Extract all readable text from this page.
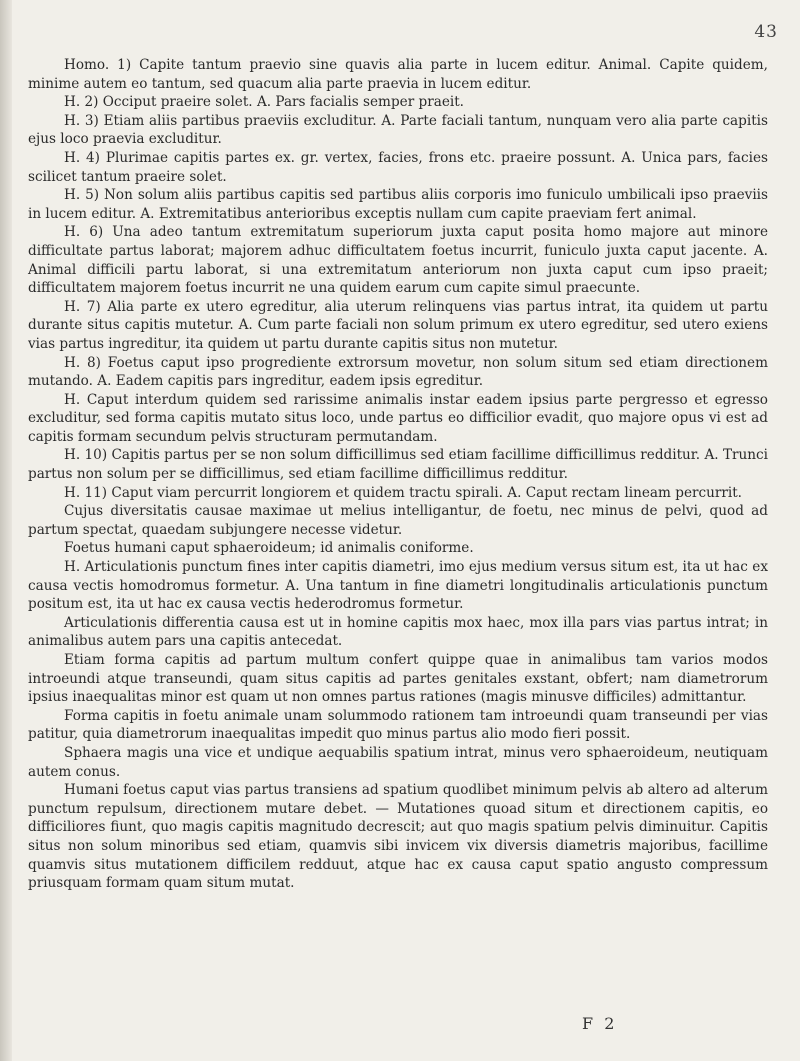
43

Homo. 1) Capite tantum praevio sine quavis alia parte in lucem editur. Animal. Capite quidem, minime autem eo tantum, sed quacum alia parte praevia in lucem editur.

H. 2) Occiput praeire solet. A. Pars facialis semper praeit.

H. 3) Etiam aliis partibus praeviis excluditur. A. Parte faciali tantum, nunquam vero alia parte capitis ejus loco praevia excluditur.

H. 4) Plurimae capitis partes ex. gr. vertex, facies, frons etc. praeire possunt. A. Unica pars, facies scilicet tantum praeire solet.

H. 5) Non solum aliis partibus capitis sed partibus aliis corporis imo funiculo umbilicali ipso praeviis in lucem editur. A. Extremitatibus anterioribus exceptis nullam cum capite praeviam fert animal.

H. 6) Una adeo tantum extremitatum superiorum juxta caput posita homo majore aut minore difficultate partus laborat; majorem adhuc difficultatem foetus incurrit, funiculo juxta caput jacente. A. Animal difficili partu laborat, si una extremitatum anteriorum non juxta caput cum ipso praeit; difficultatem majorem foetus incurrit ne una quidem earum cum capite simul praecunte.

H. 7) Alia parte ex utero egreditur, alia uterum relinquens vias partus intrat, ita quidem ut partu durante situs capitis mutetur. A. Cum parte faciali non solum primum ex utero egreditur, sed utero exiens vias partus ingreditur, ita quidem ut partu durante capitis situs non mutetur.

H. 8) Foetus caput ipso progrediente extrorsum movetur, non solum situm sed etiam directionem mutando. A. Eadem capitis pars ingreditur, eadem ipsis egreditur.

H. Caput interdum quidem sed rarissime animalis instar eadem ipsius parte pergresso et egresso excluditur, sed forma capitis mutato situs loco, unde partus eo difficilior evadit, quo majore opus vi est ad capitis formam secundum pelvis structuram permutandam.

H. 10) Capitis partus per se non solum difficillimus sed etiam facillime difficillimus redditur. A. Trunci partus non solum per se difficillimus, sed etiam facillime difficillimus redditur.

H. 11) Caput viam percurrit longiorem et quidem tractu spirali. A. Caput rectam lineam percurrit.

Cujus diversitatis causae maximae ut melius intelligantur, de foetu, nec minus de pelvi, quod ad partum spectat, quaedam subjungere necesse videtur.

Foetus humani caput sphaeroideum; id animalis coniforme.

H. Articulationis punctum fines inter capitis diametri, imo ejus medium versus situm est, ita ut hac ex causa vectis homodromus formetur. A. Una tantum in fine diametri longitudinalis articulationis punctum positum est, ita ut hac ex causa vectis hederodromus formetur.

Articulationis differentia causa est ut in homine capitis mox haec, mox illa pars vias partus intrat; in animalibus autem pars una capitis antecedat.

Etiam forma capitis ad partum multum confert quippe quae in animalibus tam varios modos introeundi atque transeundi, quam situs capitis ad partes genitales exstant, obfert; nam diametrorum ipsius inaequalitas minor est quam ut non omnes partus rationes (magis minusve difficiles) admittantur.

Forma capitis in foetu animale unam solummodo rationem tam introeundi quam transeundi per vias patitur, quia diametrorum inaequalitas impedit quo minus partus alio modo fieri possit.

Sphaera magis una vice et undique aequabilis spatium intrat, minus vero sphaeroideum, neutiquam autem conus.

Humani foetus caput vias partus transiens ad spatium quodlibet minimum pelvis ab altero ad alterum punctum repulsum, directionem mutare debet. — Mutationes quoad situm et directionem capitis, eo difficiliores fiunt, quo magis capitis magnitudo decrescit; aut quo magis spatium pelvis diminuitur. Capitis situs non solum minoribus sed etiam, quamvis sibi invicem vix diversis diametris majoribus, facillime quamvis situs mutationem difficilem redduut, atque hac ex causa caput spatio angusto compressum priusquam formam quam situm mutat.

F 2
